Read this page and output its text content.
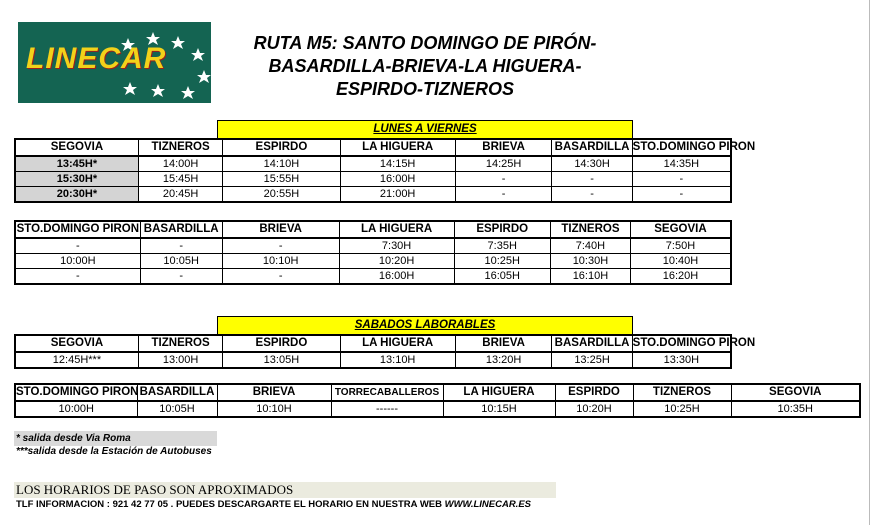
LINECAR	RUTA M5: SANTO DOMINGO DE PIRÓN-
BASARDILLA-BRIEVA-LA HIGUERA-
ESPIRDO-TIZNEROS
LUNES A VIERNES
SEGOVIA	TIZNEROS	ESPIRDO	LA HIGUERA	BRIEVA	BASARDILLA	STO.DOMINGO PIRON
13:45H*	14:00H	14:10H	14:15H	14:25H	14:30H	14:35H
15:30H*	15:45H	15:55H	16:00H	-	-	-
20:30H*	20:45H	20:55H	21:00H	-	-	-
STO.DOMINGO PIRON	BASARDILLA	BRIEVA	LA HIGUERA	ESPIRDO	TIZNEROS	SEGOVIA
-	-	-	7:30H	7:35H	7:40H	7:50H
10:00H	10:05H	10:10H	10:20H	10:25H	10:30H	10:40H
-	-	-	16:00H	16:05H	16:10H	16:20H
SABADOS LABORABLES
SEGOVIA	TIZNEROS	ESPIRDO	LA HIGUERA	BRIEVA	BASARDILLA	STO.DOMINGO PIRON
12:45H***	13:00H	13:05H	13:10H	13:20H	13:25H	13:30H
STO.DOMINGO PIRON	BASARDILLA	BRIEVA	TORRECABALLEROS	LA HIGUERA	ESPIRDO	TIZNEROS	SEGOVIA
10:00H	10:05H	10:10H	------	10:15H	10:20H	10:25H	10:35H
* salida desde Via Roma
***salida desde la Estación de Autobuses
LOS HORARIOS DE PASO SON APROXIMADOS
TLF INFORMACION : 921 42 77 05 . PUEDES DESCARGARTE EL HORARIO EN NUESTRA WEB WWW.LINECAR.ES
